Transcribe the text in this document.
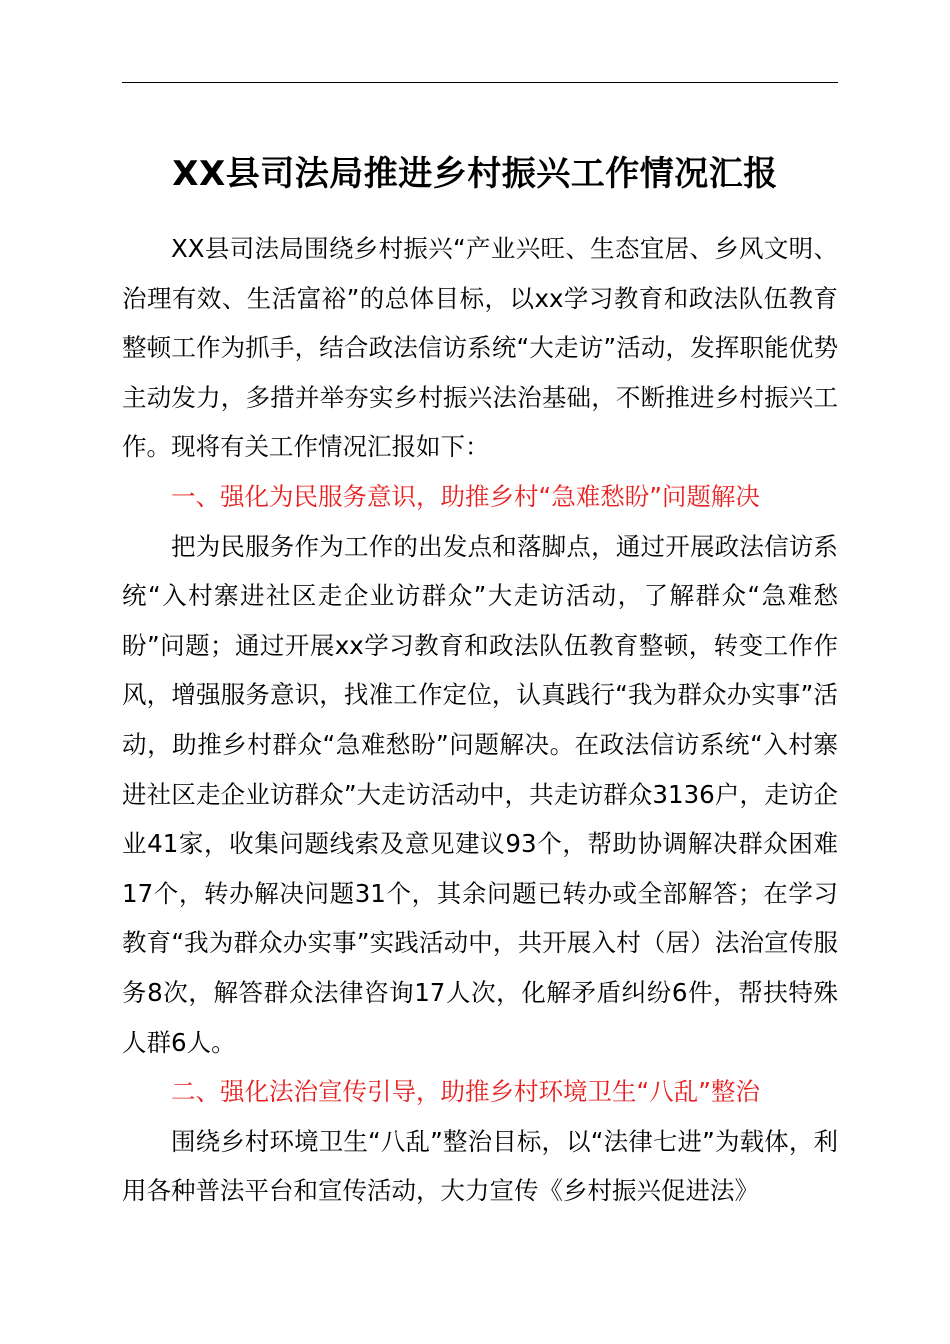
XX县司法局推进乡村振兴工作情况汇报

XX县司法局围绕乡村振兴“产业兴旺、生态宜居、乡风文明、治理有效、生活富裕”的总体目标，以xx学习教育和政法队伍教育整顿工作为抓手，结合政法信访系统“大走访”活动，发挥职能优势主动发力，多措并举夯实乡村振兴法治基础，不断推进乡村振兴工作。现将有关工作情况汇报如下：

一、强化为民服务意识，助推乡村“急难愁盼”问题解决

把为民服务作为工作的出发点和落脚点，通过开展政法信访系统“入村寨进社区走企业访群众”大走访活动，了解群众“急难愁盼”问题；通过开展xx学习教育和政法队伍教育整顿，转变工作作风，增强服务意识，找准工作定位，认真践行“我为群众办实事”活动，助推乡村群众“急难愁盼”问题解决。在政法信访系统“入村寨进社区走企业访群众”大走访活动中，共走访群众3136户，走访企业41家，收集问题线索及意见建议93个，帮助协调解决群众困难17个，转办解决问题31个，其余问题已转办或全部解答；在学习教育“我为群众办实事”实践活动中，共开展入村（居）法治宣传服务8次，解答群众法律咨询17人次，化解矛盾纠纷6件，帮扶特殊人群6人。

二、强化法治宣传引导，助推乡村环境卫生“八乱”整治

围绕乡村环境卫生“八乱”整治目标，以“法律七进”为载体，利用各种普法平台和宣传活动，大力宣传《乡村振兴促进法》
